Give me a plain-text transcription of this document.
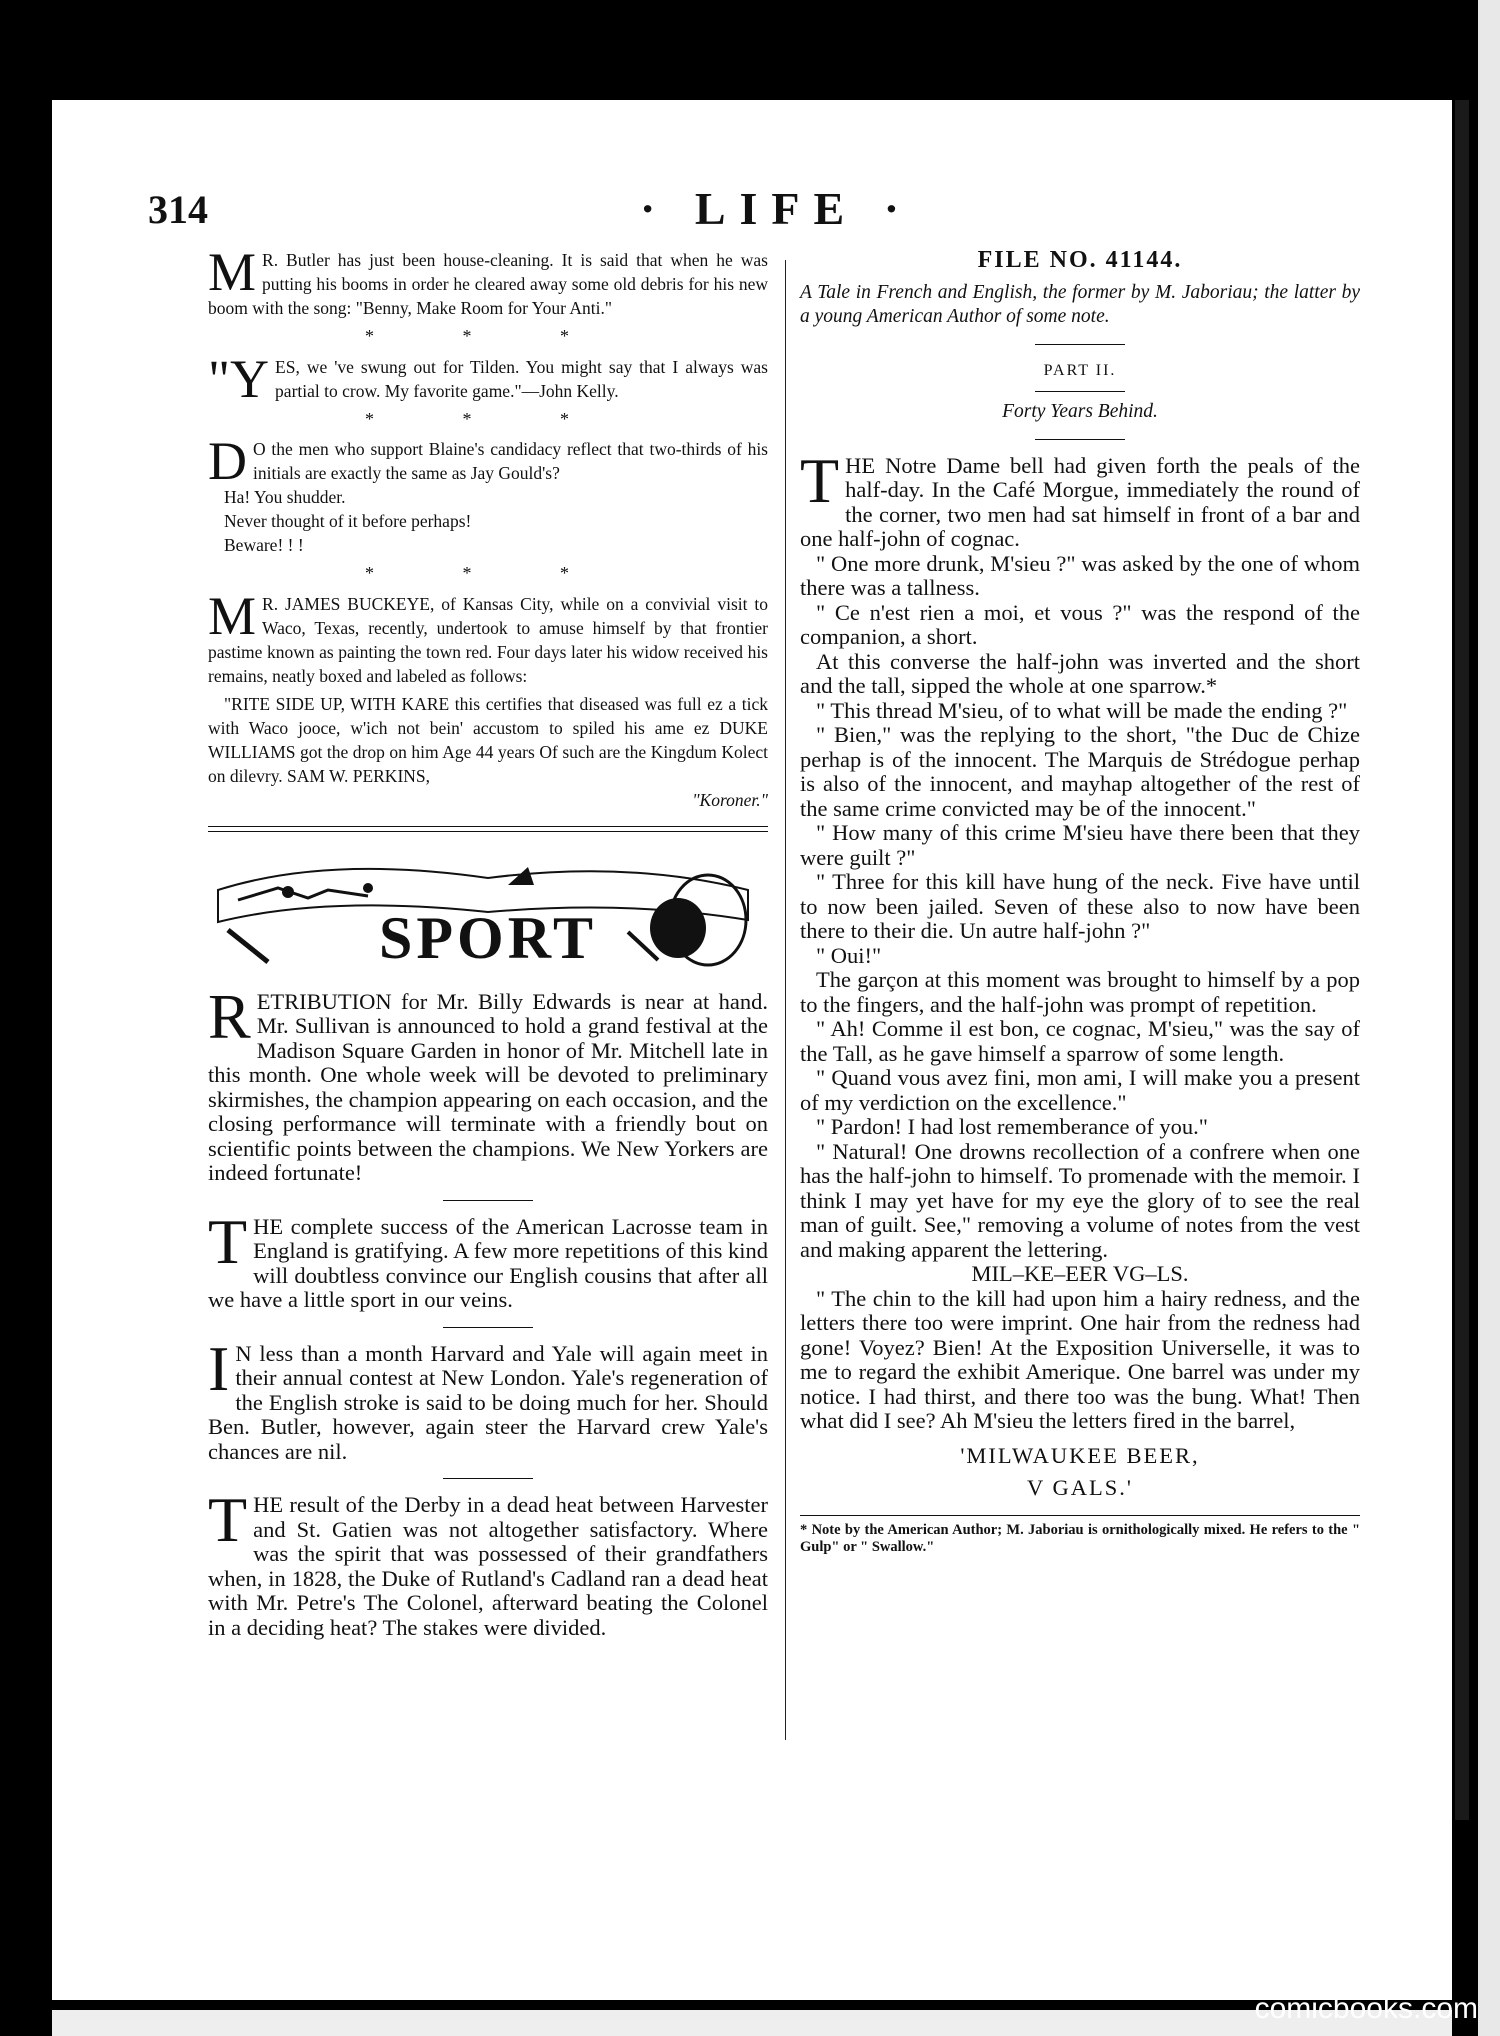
314	· LIFE ·

M R. Butler has just been house-cleaning. It is said that when he was putting his booms in order he cleared away some old debris for his new boom with the song: "Benny, Make Room for Your Anti."

* * *

"YES, we 've swung out for Tilden. You might say that I always was partial to crow. My favorite game."—John Kelly.

* * *

D O the men who support Blaine's candidacy reflect that two-thirds of his initials are exactly the same as Jay Gould's?

Ha! You shudder.

Never thought of it before perhaps!

Beware! ! !

* * *

M R. JAMES BUCKEYE, of Kansas City, while on a convivial visit to Waco, Texas, recently, undertook to amuse himself by that frontier pastime known as painting the town red. Four days later his widow received his remains, neatly boxed and labeled as follows:

"RITE SIDE UP, WITH KARE this certifies that diseased was full ez a tick with Waco jooce, w'ich not bein' accustom to spiled his ame ez DUKE WILLIAMS got the drop on him Age 44 years Of such are the Kingdum Kolect on dilevry. SAM W. PERKINS,

"Koroner."

SPORT

RETRIBUTION for Mr. Billy Edwards is near at hand. Mr. Sullivan is announced to hold a grand festival at the Madison Square Garden in honor of Mr. Mitchell late in this month. One whole week will be devoted to preliminary skirmishes, the champion appearing on each occasion, and the closing performance will terminate with a friendly bout on scientific points between the champions. We New Yorkers are indeed fortunate!

THE complete success of the American Lacrosse team in England is gratifying. A few more repetitions of this kind will doubtless convince our English cousins that after all we have a little sport in our veins.

I N less than a month Harvard and Yale will again meet in their annual contest at New London. Yale's regeneration of the English stroke is said to be doing much for her. Should Ben. Butler, however, again steer the Harvard crew Yale's chances are nil.

THE result of the Derby in a dead heat between Harvester and St. Gatien was not altogether satisfactory. Where was the spirit that was possessed of their grandfathers when, in 1828, the Duke of Rutland's Cadland ran a dead heat with Mr. Petre's The Colonel, afterward beating the Colonel in a deciding heat? The stakes were divided.

FILE NO. 41144.

A Tale in French and English, the former by M. Jaboriau; the latter by a young American Author of some note.

PART II.
Forty Years Behind.

THE Notre Dame bell had given forth the peals of the half-day. In the Café Morgue, immediately the round of the corner, two men had sat himself in front of a bar and one half-john of cognac.

" One more drunk, M'sieu ?" was asked by the one of whom there was a tallness.

" Ce n'est rien a moi, et vous ?" was the respond of the companion, a short.

At this converse the half-john was inverted and the short and the tall, sipped the whole at one sparrow.*

" This thread M'sieu, of to what will be made the ending ?"

" Bien," was the replying to the short, "the Duc de Chize perhap is of the innocent. The Marquis de Strédogue perhap is also of the innocent, and mayhap altogether of the rest of the same crime convicted may be of the innocent."

" How many of this crime M'sieu have there been that they were guilt ?"

" Three for this kill have hung of the neck. Five have until to now been jailed. Seven of these also to now have been there to their die. Un autre half-john ?"

" Oui!"

The garçon at this moment was brought to himself by a pop to the fingers, and the half-john was prompt of repetition.

" Ah! Comme il est bon, ce cognac, M'sieu," was the say of the Tall, as he gave himself a sparrow of some length.

" Quand vous avez fini, mon ami, I will make you a present of my verdiction on the excellence."

" Pardon! I had lost rememberance of you."

" Natural! One drowns recollection of a confrere when one has the half-john to himself. To promenade with the memoir. I think I may yet have for my eye the glory of to see the real man of guilt. See," removing a volume of notes from the vest and making apparent the lettering.

MIL–KE–EER VG–LS.

" The chin to the kill had upon him a hairy redness, and the letters there too were imprint. One hair from the redness had gone! Voyez? Bien! At the Exposition Universelle, it was to me to regard the exhibit Amerique. One barrel was under my notice. I had thirst, and there too was the bung. What! Then what did I see? Ah M'sieu the letters fired in the barrel,

'MILWAUKEE BEER,

V GALS.'

* Note by the American Author; M. Jaboriau is ornithologically mixed. He refers to the " Gulp" or " Swallow."

comicbooks.com
